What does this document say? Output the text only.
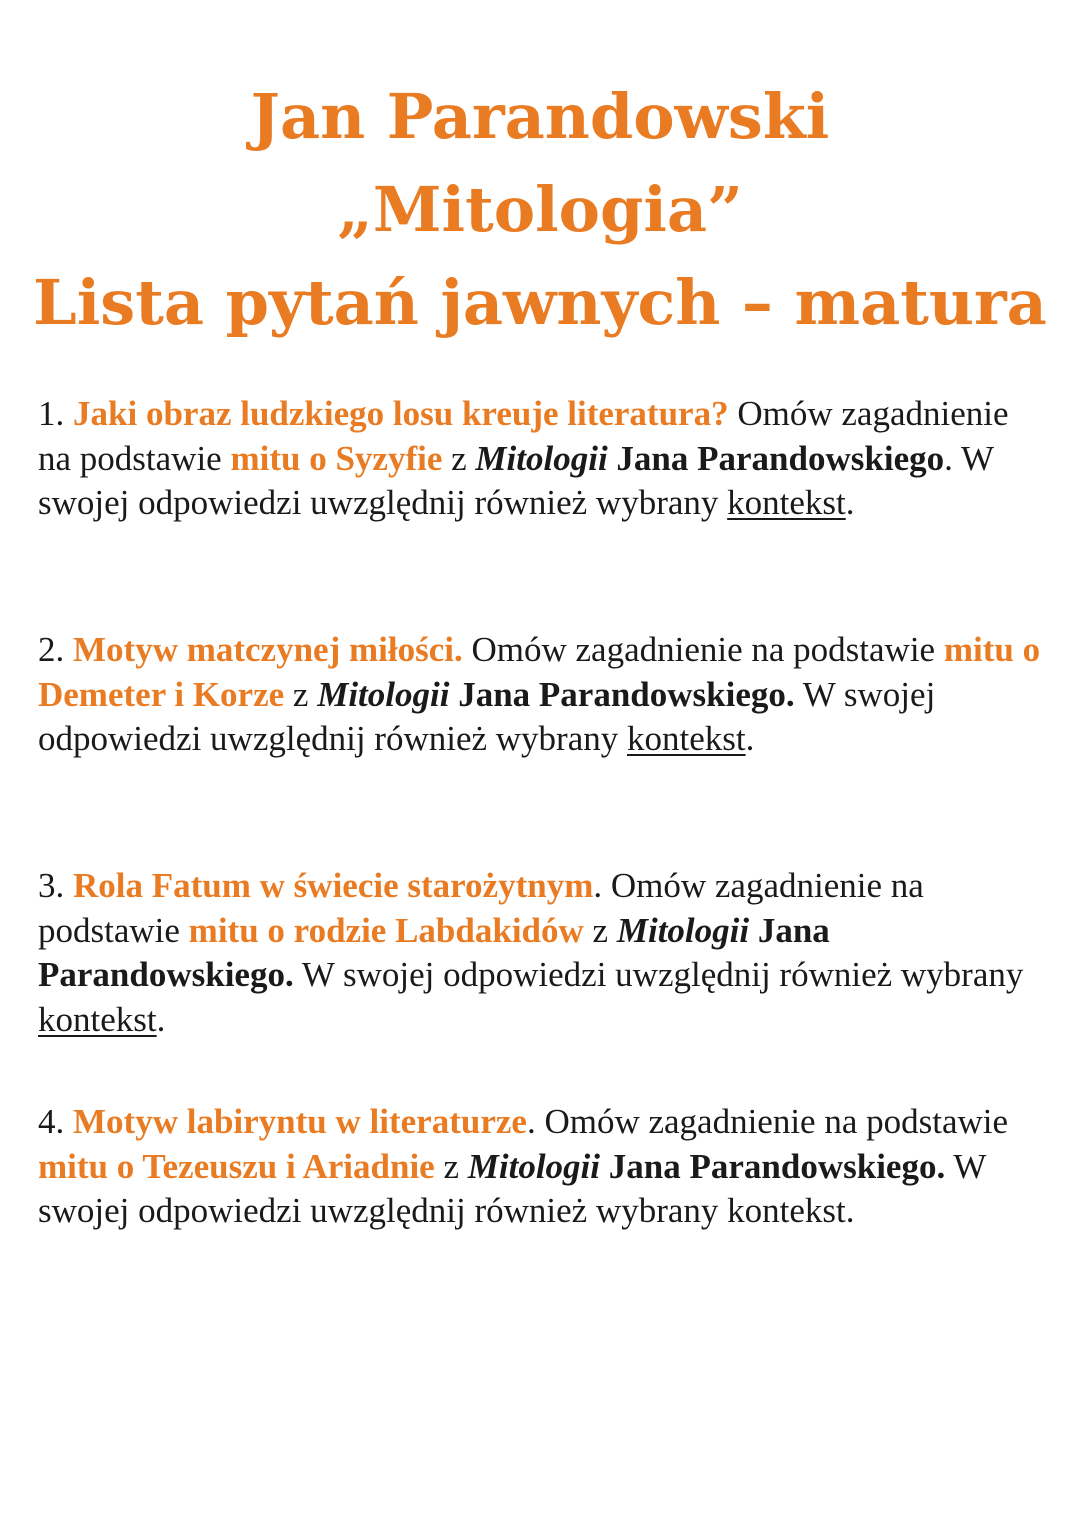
Jan Parandowski
„Mitologia”
Lista pytań jawnych – matura
1. Jaki obraz ludzkiego losu kreuje literatura? Omów zagadnienie na podstawie mitu o Syzyfie z Mitologii Jana Parandowskiego. W swojej odpowiedzi uwzględnij również wybrany kontekst.
2. Motyw matczynej miłości. Omów zagadnienie na podstawie mitu o Demeter i Korze z Mitologii Jana Parandowskiego. W swojej odpowiedzi uwzględnij również wybrany kontekst.
3. Rola Fatum w świecie starożytnym. Omów zagadnienie na podstawie mitu o rodzie Labdakidów z Mitologii Jana Parandowskiego. W swojej odpowiedzi uwzględnij również wybrany kontekst.
4. Motyw labiryntu w literaturze. Omów zagadnienie na podstawie mitu o Tezeuszu i Ariadnie z Mitologii Jana Parandowskiego. W swojej odpowiedzi uwzględnij również wybrany kontekst.
